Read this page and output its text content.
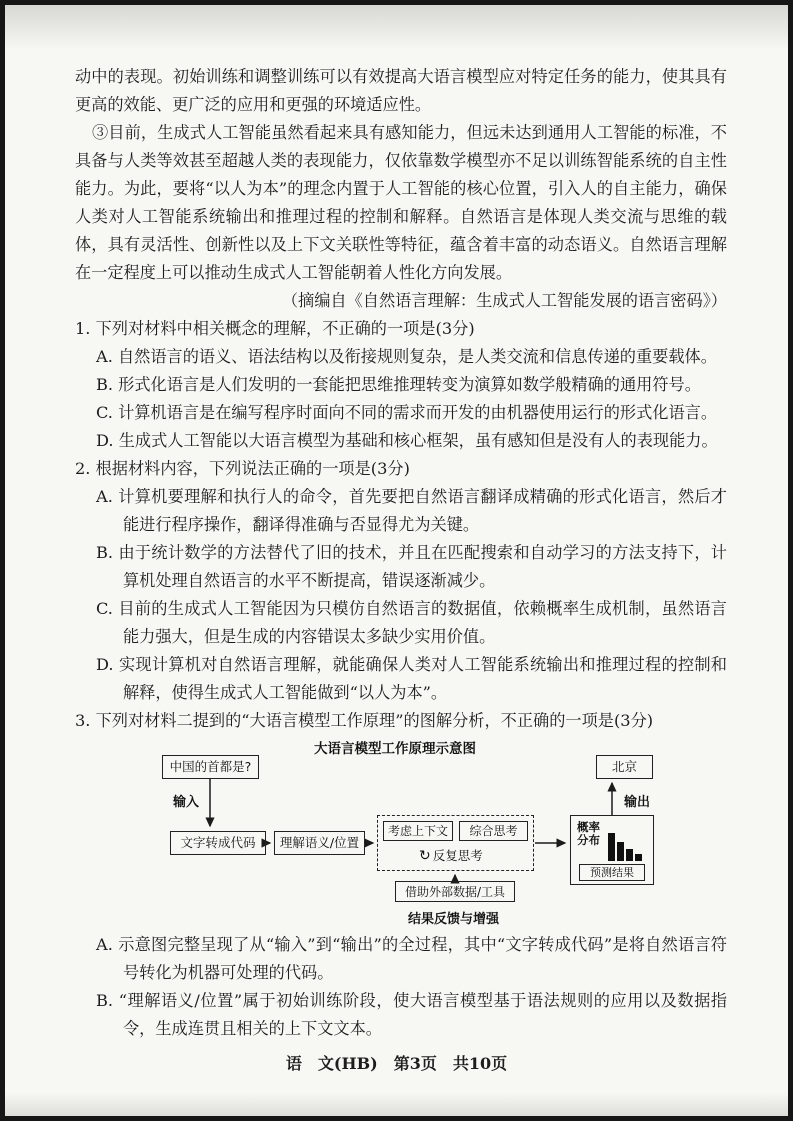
动中的表现。初始训练和调整训练可以有效提高大语言模型应对特定任务的能力，使其具有更高的效能、更广泛的应用和更强的环境适应性。

③目前，生成式人工智能虽然看起来具有感知能力，但远未达到通用人工智能的标准，不具备与人类等效甚至超越人类的表现能力，仅依靠数学模型亦不足以训练智能系统的自主性能力。为此，要将“以人为本”的理念内置于人工智能的核心位置，引入人的自主能力，确保人类对人工智能系统输出和推理过程的控制和解释。自然语言是体现人类交流与思维的载体，具有灵活性、创新性以及上下文关联性等特征，蕴含着丰富的动态语义。自然语言理解在一定程度上可以推动生成式人工智能朝着人性化方向发展。

（摘编自《自然语言理解：生成式人工智能发展的语言密码》）

1. 下列对材料中相关概念的理解，不正确的一项是(3分)

A. 自然语言的语义、语法结构以及衔接规则复杂，是人类交流和信息传递的重要载体。

B. 形式化语言是人们发明的一套能把思维推理转变为演算如数学般精确的通用符号。

C. 计算机语言是在编写程序时面向不同的需求而开发的由机器使用运行的形式化语言。

D. 生成式人工智能以大语言模型为基础和核心框架，虽有感知但是没有人的表现能力。

2. 根据材料内容，下列说法正确的一项是(3分)

A. 计算机要理解和执行人的命令，首先要把自然语言翻译成精确的形式化语言，然后才能进行程序操作，翻译得准确与否显得尤为关键。

B. 由于统计数学的方法替代了旧的技术，并且在匹配搜索和自动学习的方法支持下，计算机处理自然语言的水平不断提高，错误逐渐减少。

C. 目前的生成式人工智能因为只模仿自然语言的数据值，依赖概率生成机制，虽然语言能力强大，但是生成的内容错误太多缺少实用价值。

D. 实现计算机对自然语言理解，就能确保人类对人工智能系统输出和推理过程的控制和解释，使得生成式人工智能做到“以人为本”。

3. 下列对材料二提到的“大语言模型工作原理”的图解分析，不正确的一项是(3分)

大语言模型工作原理示意图
中国的首都是?
输入
文字转成代码	理解语义/位置
考虑上下文	综合思考
↻ 反复思考
概率
分布
预测结果
输出
北京
借助外部数据/工具
结果反馈与增强

A. 示意图完整呈现了从“输入”到“输出”的全过程，其中“文字转成代码”是将自然语言符号转化为机器可处理的代码。

B. “理解语义/位置”属于初始训练阶段，使大语言模型基于语法规则的应用以及数据指令，生成连贯且相关的上下文文本。

语　文(HB)　第3页　共10页
